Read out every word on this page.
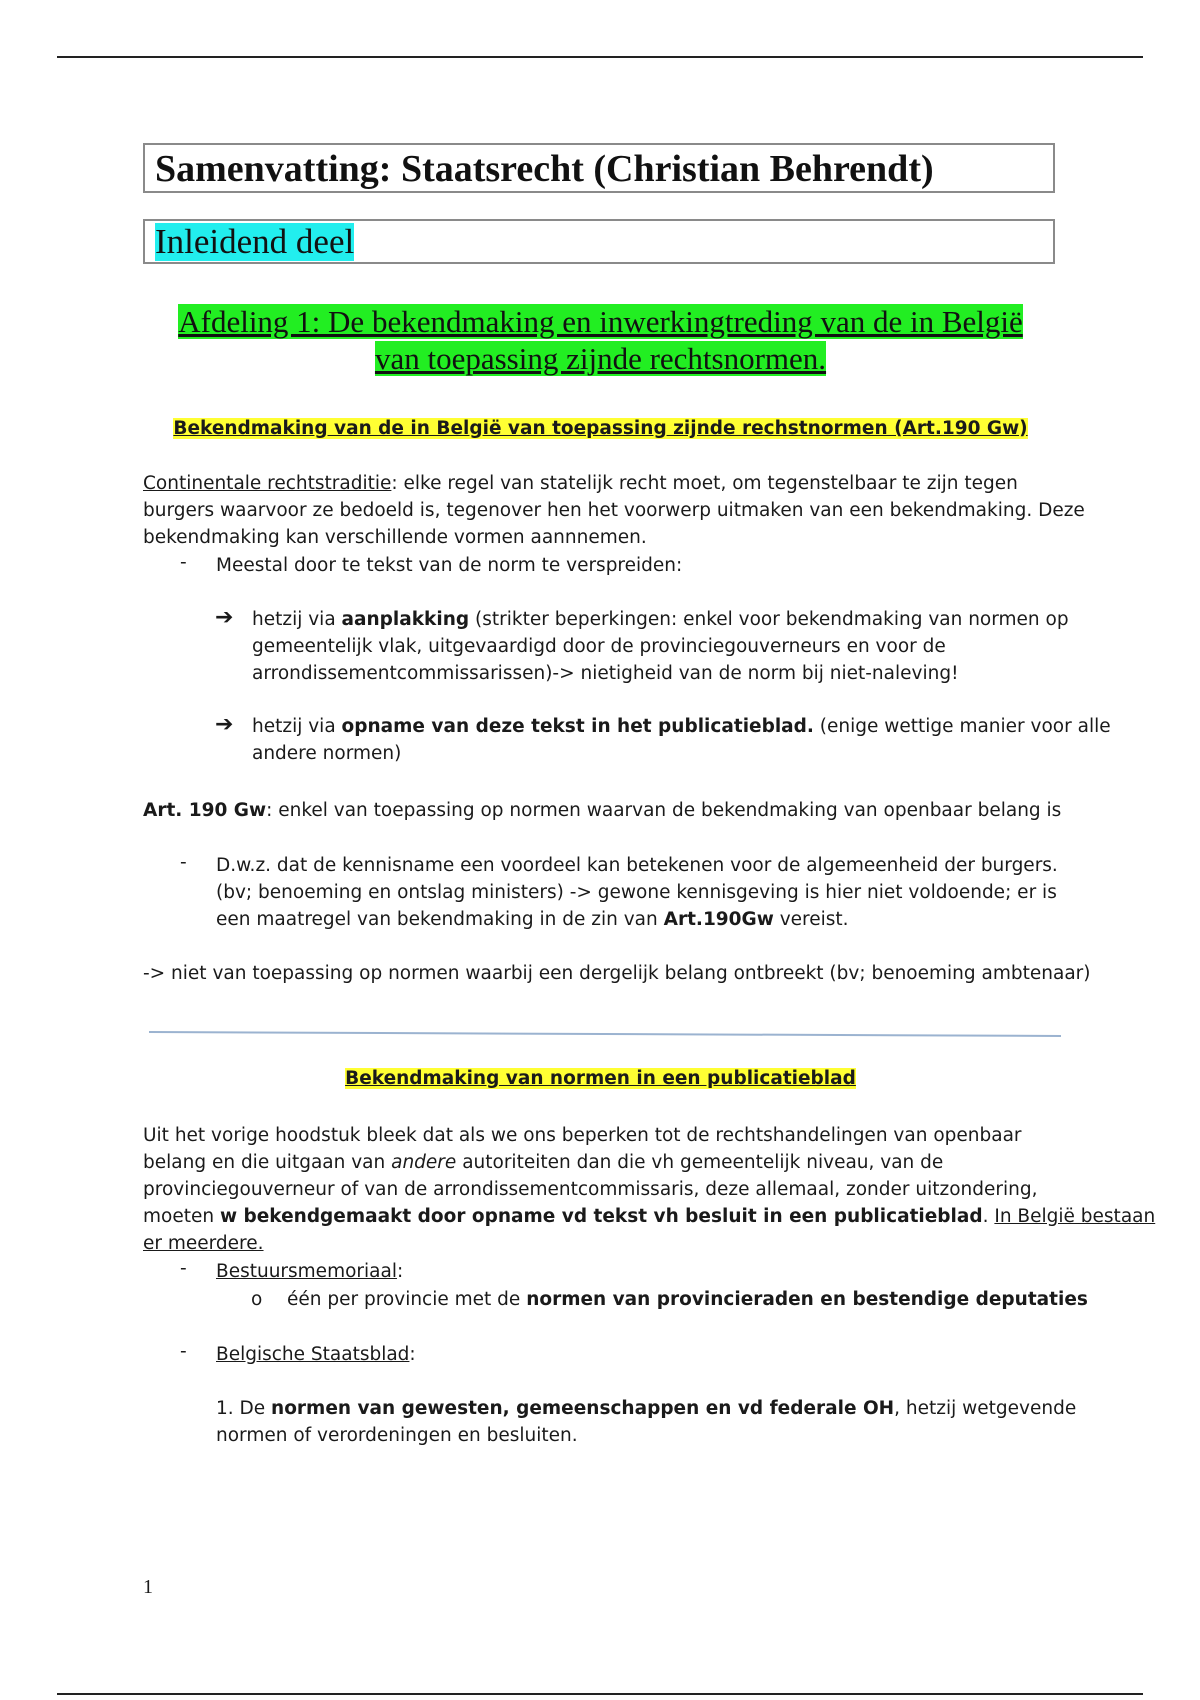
Samenvatting: Staatsrecht (Christian Behrendt)
Inleidend deel
Afdeling 1: De bekendmaking en inwerkingtreding van de in België
van toepassing zijnde rechtsnormen.
Bekendmaking van de in België van toepassing zijnde rechstnormen (Art.190 Gw)
Continentale rechtstraditie: elke regel van statelijk recht moet, om tegenstelbaar te zijn tegen
burgers waarvoor ze bedoeld is, tegenover hen het voorwerp uitmaken van een bekendmaking. Deze
bekendmaking kan verschillende vormen aannnemen.
- Meestal door te tekst van de norm te verspreiden:
➔ hetzij via aanplakking (strikter beperkingen: enkel voor bekendmaking van normen op
gemeentelijk vlak, uitgevaardigd door de provinciegouverneurs en voor de
arrondissementcommissarissen)-> nietigheid van de norm bij niet-naleving!
➔ hetzij via opname van deze tekst in het publicatieblad. (enige wettige manier voor alle
andere normen)
Art. 190 Gw: enkel van toepassing op normen waarvan de bekendmaking van openbaar belang is
- D.w.z. dat de kennisname een voordeel kan betekenen voor de algemeenheid der burgers.
(bv; benoeming en ontslag ministers) -> gewone kennisgeving is hier niet voldoende; er is
een maatregel van bekendmaking in de zin van Art.190Gw vereist.
-> niet van toepassing op normen waarbij een dergelijk belang ontbreekt (bv; benoeming ambtenaar)
Bekendmaking van normen in een publicatieblad
Uit het vorige hoodstuk bleek dat als we ons beperken tot de rechtshandelingen van openbaar
belang en die uitgaan van andere autoriteiten dan die vh gemeentelijk niveau, van de
provinciegouverneur of van de arrondissementcommissaris, deze allemaal, zonder uitzondering,
moeten w bekendgemaakt door opname vd tekst vh besluit in een publicatieblad. In België bestaan
er meerdere.
- Bestuursmemoriaal:
o één per provincie met de normen van provincieraden en bestendige deputaties
- Belgische Staatsblad:
1. De normen van gewesten, gemeenschappen en vd federale OH, hetzij wetgevende
normen of verordeningen en besluiten.
1
